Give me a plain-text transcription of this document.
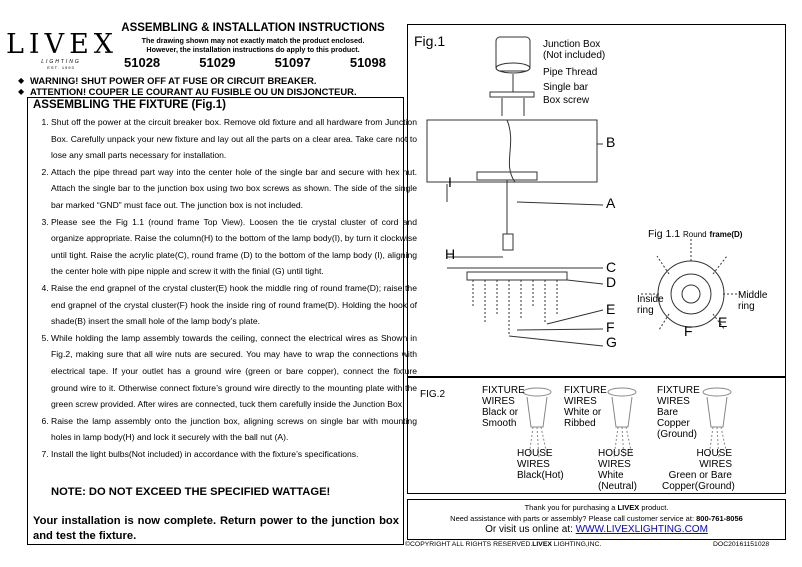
LIVEX
LIGHTING
EST. 1993
ASSEMBLING & INSTALLATION INSTRUCTIONS
The drawing shown may not exactly match the product enclosed.
However, the installation instructions do apply to this product.
51028	51029	51097	51098
◆ WARNING! SHUT POWER OFF AT FUSE OR CIRCUIT BREAKER.
◆ ATTENTION! COUPER LE COURANT AU FUSIBLE OU UN DISJONCTEUR.
ASSEMBLING THE FIXTURE (Fig.1)
1. Shut off the power at the circuit breaker box. Remove old fixture and all hardware from Junction Box. Carefully unpack your new fixture and lay out all the parts on a clear area. Take care not to lose any small parts necessary for installation.
2. Attach the pipe thread part way into the center hole of the single bar and secure with hex nut. Attach the single bar to the junction box using two box screws as shown. The side of the single bar marked “GND” must face out. The junction box is not included.
3. Please see the Fig 1.1 (round frame Top View). Loosen the tie crystal cluster of cord and organize appropriate. Raise the column(H) to the bottom of the lamp body(I), by turn it clockwise until tight. Raise the acrylic plate(C), round frame (D) to the bottom of the lamp body (I), aligning the center hole with pipe nipple and screw it with the finial (G) until tight.
4. Raise the end grapnel of the crystal cluster(E) hook the middle ring of round frame(D); raise the end grapnel of the crystal cluster(F) hook the inside ring of round frame(D). Holding the hook of shade(B) insert the small hole of the lamp body’s plate.
5. While holding the lamp assembly towards the ceiling, connect the electrical wires as Shown in Fig.2, making sure that all wire nuts are secured. You may have to wrap the connections with electrical tape. If your outlet has a ground wire (green or bare copper), connect the fixture ground wire to it. Otherwise connect fixture’s ground wire directly to the mounting plate with the green screw provided. After wires are connected, tuck them carefully inside the Junction Box.
6. Raise the lamp assembly onto the junction box, aligning screws on single bar with mounting holes in lamp body(H) and lock it securely with the ball nut (A).
7. Install the light bulbs(Not included) in accordance with the fixture’s specifications.
NOTE: DO NOT EXCEED THE SPECIFIED WATTAGE!
Your installation is now complete. Return power to the junction box and test the fixture.
Fig.1	Junction Box
(Not included)
Pipe Thread
Single bar
Box screw
B
I
A
H
C
D
E
F
G
Fig 1.1 Round frame(D)
Inside
ring
Middle
ring
F
E
FIG.2	FIXTURE
WIRES
Black or
Smooth
FIXTURE
WIRES
White or
Ribbed
FIXTURE
WIRES
Bare
Copper
(Ground)
HOUSE
WIRES
Black(Hot)
HOUSE
WIRES
White
(Neutral)
HOUSE
WIRES
Green or Bare
Copper(Ground)
Thank you for purchasing a LIVEX product.
Need assistance with parts or assembly? Please call customer service at: 800-761-8056
Or visit us online at: WWW.LIVEXLIGHTING.COM
©COPYRIGHT ALL RIGHTS RESERVED.LIVEX LIGHTING,INC.	DOC20161151028
